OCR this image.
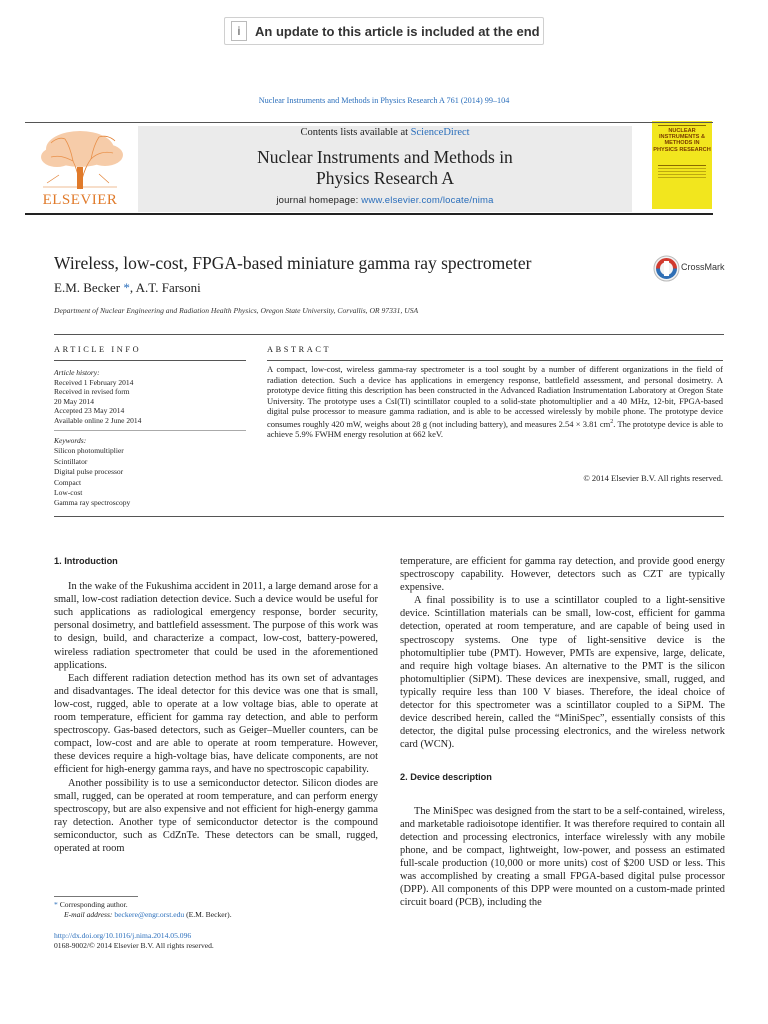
i	An update to this article is included at the end
Nuclear Instruments and Methods in Physics Research A 761 (2014) 99–104
ELSEVIER
Contents lists available at ScienceDirect
Nuclear Instruments and Methods in
Physics Research A
journal homepage: www.elsevier.com/locate/nima
NUCLEAR INSTRUMENTS & METHODS IN PHYSICS RESEARCH
Wireless, low-cost, FPGA-based miniature gamma ray spectrometer	CrossMark
E.M. Becker *, A.T. Farsoni
Department of Nuclear Engineering and Radiation Health Physics, Oregon State University, Corvallis, OR 97331, USA
ARTICLE INFO
Article history:
Received 1 February 2014
Received in revised form
20 May 2014
Accepted 23 May 2014
Available online 2 June 2014
Keywords:
Silicon photomultiplier
Scintillator
Digital pulse processor
Compact
Low-cost
Gamma ray spectroscopy
ABSTRACT
A compact, low-cost, wireless gamma-ray spectrometer is a tool sought by a number of different organizations in the field of radiation detection. Such a device has applications in emergency response, battlefield assessment, and personal dosimetry. A prototype device fitting this description has been constructed in the Advanced Radiation Instrumentation Laboratory at Oregon State University. The prototype uses a CsI(Tl) scintillator coupled to a solid-state photomultiplier and a 40 MHz, 12-bit, FPGA-based digital pulse processor to measure gamma radiation, and is able to be accessed wirelessly by mobile phone. The prototype device consumes roughly 420 mW, weighs about 28 g (not including battery), and measures 2.54 × 3.81 $cm^2$. The prototype device is able to achieve 5.9% FWHM energy resolution at 662 keV.
© 2014 Elsevier B.V. All rights reserved.

1. Introduction

In the wake of the Fukushima accident in 2011, a large demand arose for a small, low-cost radiation detection device. Such a device would be useful for such applications as radiological emergency response, border security, personal dosimetry, and battlefield assessment. The purpose of this work was to design, build, and characterize a compact, low-cost, battery-powered, wireless radiation spectrometer that could be used in the aforementioned applications.

Each different radiation detection method has its own set of advantages and disadvantages. The ideal detector for this device was one that is small, low-cost, rugged, able to operate at a low voltage bias, able to operate at room temperature, efficient for gamma ray detection, and able to perform spectroscopy. Gas-based detectors, such as Geiger–Mueller counters, can be compact, low-cost and are able to operate at room temperature. However, these devices require a high-voltage bias, have delicate components, are not efficient for high-energy gamma rays, and have no spectroscopic capability.

Another possibility is to use a semiconductor detector. Silicon diodes are small, rugged, can be operated at room temperature, and can perform energy spectroscopy, but are also expensive and not efficient for high-energy gamma ray detection. Another type of semiconductor detector is the compound semiconductor, such as CdZnTe. These detectors can be small, rugged, operated at room

temperature, are efficient for gamma ray detection, and provide good energy spectroscopy capability. However, detectors such as CZT are typically expensive.

A final possibility is to use a scintillator coupled to a light-sensitive device. Scintillation materials can be small, low-cost, efficient for gamma detection, operated at room temperature, and are capable of being used in spectroscopy systems. One type of light-sensitive device is the photomultiplier tube (PMT). However, PMTs are expensive, large, delicate, and require high voltage biases. An alternative to the PMT is the silicon photomultiplier (SiPM). These devices are inexpensive, small, rugged, and typically require less than 100 V biases. Therefore, the ideal choice of detector for this spectrometer was a scintillator coupled to a SiPM. The device described herein, called the “MiniSpec”, essentially consists of this detector, the digital pulse processing electronics, and the wireless network card (WCN).

2. Device description

The MiniSpec was designed from the start to be a self-contained, wireless, and marketable radioisotope identifier. It was therefore required to contain all detection and processing electronics, interface wirelessly with any mobile phone, and be compact, lightweight, low-power, and possess an estimated full-scale production (10,000 or more units) cost of $200 USD or less. This was accomplished by creating a small FPGA-based digital pulse processor (DPP). All components of this DPP were mounted on a custom-made printed circuit board (PCB), including the

* Corresponding author.
E-mail address: beckere@engr.orst.edu (E.M. Becker).
http://dx.doi.org/10.1016/j.nima.2014.05.096
0168-9002/© 2014 Elsevier B.V. All rights reserved.
